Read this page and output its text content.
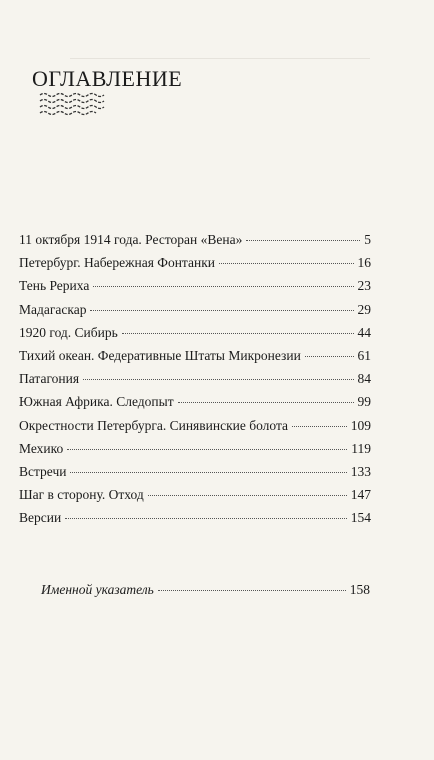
ОГЛАВЛЕНИЕ
11 октября 1914 года. Ресторан «Вена»	5
Петербург. Набережная Фонтанки	16
Тень Рериха	23
Мадагаскар	29
1920 год. Сибирь	44
Тихий океан. Федеративные Штаты Микронезии	61
Патагония	84
Южная Африка. Следопыт	99
Окрестности Петербурга. Синявинские болота	109
Мехико	119
Встречи	133
Шаг в сторону. Отход	147
Версии	154
Именной указатель	158
